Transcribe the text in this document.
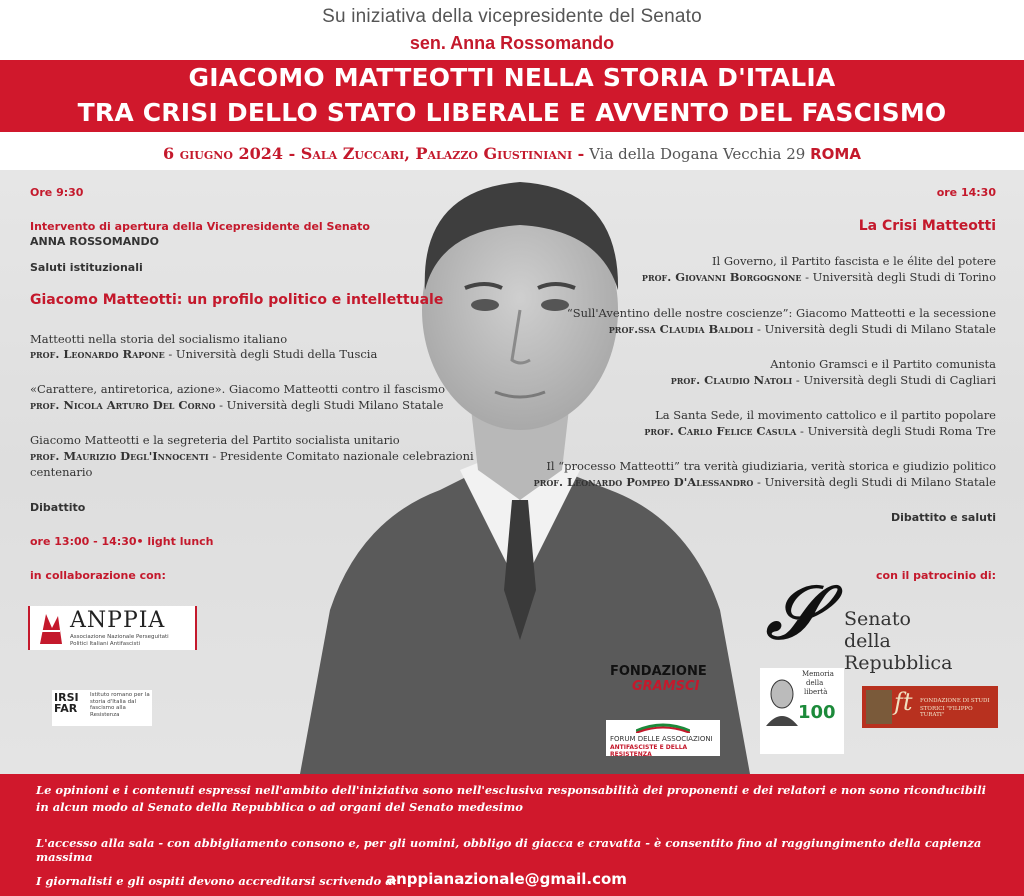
Su iniziativa della vicepresidente del Senato
sen. Anna Rossomando
GIACOMO MATTEOTTI NELLA STORIA D'ITALIA
TRA CRISI DELLO STATO LIBERALE E AVVENTO DEL FASCISMO
6 giugno 2024 - Sala Zuccari, Palazzo Giustiniani - Via della Dogana Vecchia 29 ROMA
Ore 9:30
Intervento di apertura della Vicepresidente del Senato
ANNA ROSSOMANDO
Saluti istituzionali
Giacomo Matteotti: un profilo politico e intellettuale
Matteotti nella storia del socialismo italiano
prof. Leonardo Rapone - Università degli Studi della Tuscia
«Carattere, antiretorica, azione». Giacomo Matteotti contro il fascismo
prof. Nicola Arturo Del Corno - Università degli Studi Milano Statale
Giacomo Matteotti e la segreteria del Partito socialista unitario
prof. Maurizio Degl'Innocenti - Presidente Comitato nazionale celebrazioni
centenario
Dibattito
ore 13:00 - 14:30• light lunch
in collaborazione con:
ore 14:30
La Crisi Matteotti
Il Governo, il Partito fascista e le élite del potere
prof. Giovanni Borgognone - Università degli Studi di Torino
“Sull'Aventino delle nostre coscienze”: Giacomo Matteotti e la secessione
prof.ssa Claudia Baldoli - Università degli Studi di Milano Statale
Antonio Gramsci e il Partito comunista
prof. Claudio Natoli - Università degli Studi di Cagliari
La Santa Sede, il movimento cattolico e il partito popolare
prof. Carlo Felice Casula - Università degli Studi Roma Tre
Il “processo Matteotti” tra verità giudiziaria, verità storica e giudizio politico
prof. Leonardo Pompeo D'Alessandro - Università degli Studi di Milano Statale
Dibattito e saluti
con il patrocinio di:
ANPPIA
Associazione Nazionale Perseguitati
Politici Italiani Antifascisti
IRSIFAR
Istituto romano per la storia d'Italia dal fascismo alla Resistenza
FONDAZIONE
GRAMSCI
FORUM DELLE ASSOCIAZIONI
ANTIFASCISTE E DELLA RESISTENZA
𝒮 Senato
della Repubblica
Memoria
della
libertà
100 ft FONDAZIONE DI STUDI
STORICI "FILIPPO TURATI"
Le opinioni e i contenuti espressi nell'ambito dell'iniziativa sono nell'esclusiva responsabilità dei proponenti e dei relatori e non sono riconducibili in alcun modo al Senato della Repubblica o ad organi del Senato medesimo
L'accesso alla sala - con abbigliamento consono e, per gli uomini, obbligo di giacca e cravatta - è consentito fino al raggiungimento della capienza massima
I giornalisti e gli ospiti devono accreditarsi scrivendo a:
anppianazionale@gmail.com
